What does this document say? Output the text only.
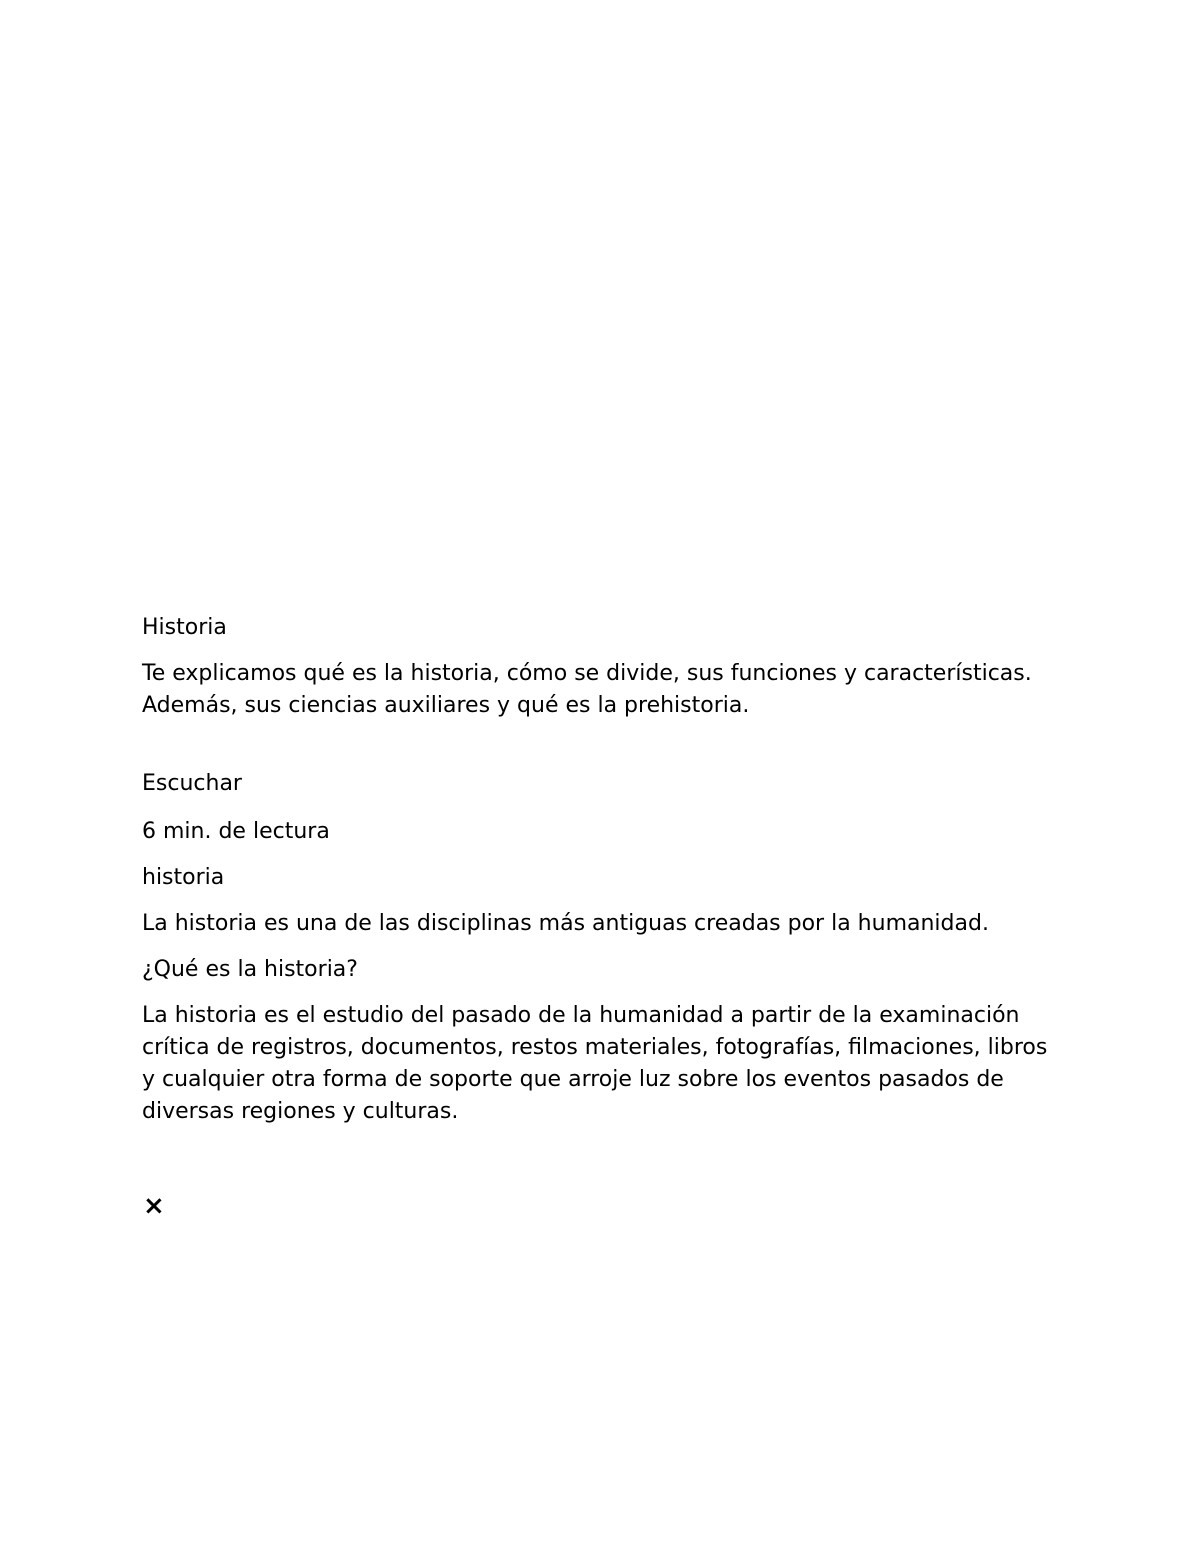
Historia

Te explicamos qué es la historia, cómo se divide, sus funciones y características. Además, sus ciencias auxiliares y qué es la prehistoria.

Escuchar

6 min. de lectura

historia

La historia es una de las disciplinas más antiguas creadas por la humanidad.

¿Qué es la historia?

La historia es el estudio del pasado de la humanidad a partir de la examinación crítica de registros, documentos, restos materiales, fotografías, filmaciones, libros y cualquier otra forma de soporte que arroje luz sobre los eventos pasados de diversas regiones y culturas.

×
